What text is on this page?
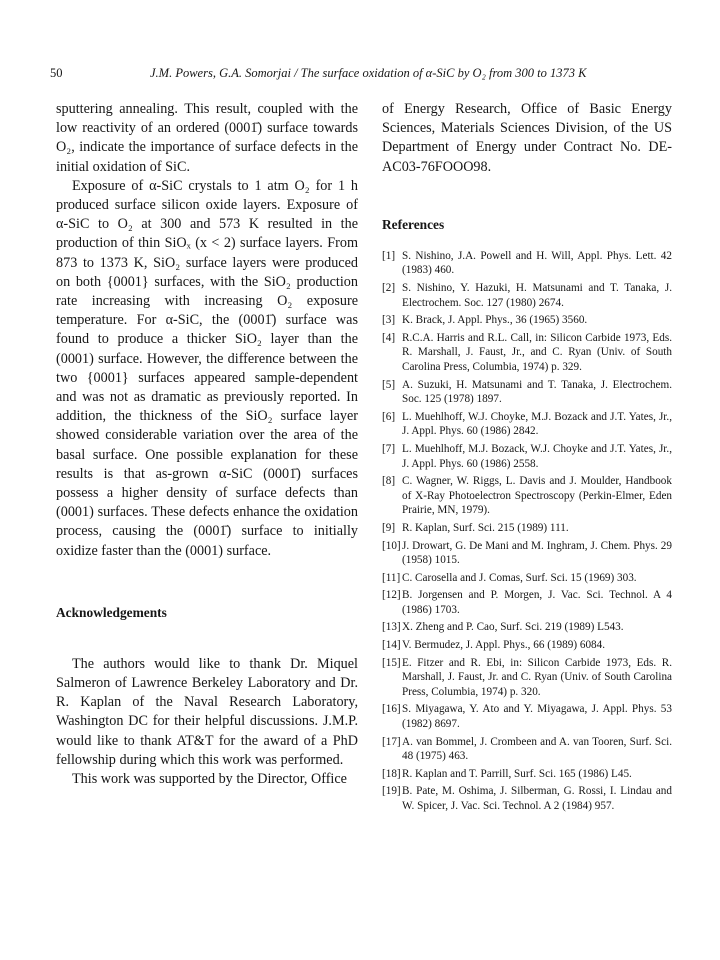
50	J.M. Powers, G.A. Somorjai / The surface oxidation of α-SiC by O₂ from 300 to 1373 K

sputtering annealing. This result, coupled with the low reactivity of an ordered (0001̄) surface towards O₂, indicate the importance of surface defects in the initial oxidation of SiC.

Exposure of α-SiC crystals to 1 atm O₂ for 1 h produced surface silicon oxide layers. Exposure of α-SiC to O₂ at 300 and 573 K resulted in the production of thin SiOₓ (x < 2) surface layers. From 873 to 1373 K, SiO₂ surface layers were produced on both {0001} surfaces, with the SiO₂ production rate increasing with increasing O₂ exposure temperature. For α-SiC, the (0001̄) surface was found to produce a thicker SiO₂ layer than the (0001) surface. However, the difference between the two {0001} surfaces appeared sample-dependent and was not as dramatic as previously reported. In addition, the thickness of the SiO₂ surface layer showed considerable variation over the area of the basal surface. One possible explanation for these results is that as-grown α-SiC (0001̄) surfaces possess a higher density of surface defects than (0001) surfaces. These defects enhance the oxidation process, causing the (0001̄) surface to initially oxidize faster than the (0001) surface.

Acknowledgements

The authors would like to thank Dr. Miquel Salmeron of Lawrence Berkeley Laboratory and Dr. R. Kaplan of the Naval Research Laboratory, Washington DC for their helpful discussions. J.M.P. would like to thank AT&T for the award of a PhD fellowship during which this work was performed.

This work was supported by the Director, Office

of Energy Research, Office of Basic Energy Sciences, Materials Sciences Division, of the US Department of Energy under Contract No. DE-AC03-76FOOO98.

References
[1] S. Nishino, J.A. Powell and H. Will, Appl. Phys. Lett. 42 (1983) 460.
[2] S. Nishino, Y. Hazuki, H. Matsunami and T. Tanaka, J. Electrochem. Soc. 127 (1980) 2674.
[3] K. Brack, J. Appl. Phys., 36 (1965) 3560.
[4] R.C.A. Harris and R.L. Call, in: Silicon Carbide 1973, Eds. R. Marshall, J. Faust, Jr., and C. Ryan (Univ. of South Carolina Press, Columbia, 1974) p. 329.
[5] A. Suzuki, H. Matsunami and T. Tanaka, J. Electrochem. Soc. 125 (1978) 1897.
[6] L. Muehlhoff, W.J. Choyke, M.J. Bozack and J.T. Yates, Jr., J. Appl. Phys. 60 (1986) 2842.
[7] L. Muehlhoff, M.J. Bozack, W.J. Choyke and J.T. Yates, Jr., J. Appl. Phys. 60 (1986) 2558.
[8] C. Wagner, W. Riggs, L. Davis and J. Moulder, Handbook of X-Ray Photoelectron Spectroscopy (Perkin-Elmer, Eden Prairie, MN, 1979).
[9] R. Kaplan, Surf. Sci. 215 (1989) 111.
[10] J. Drowart, G. De Mani and M. Inghram, J. Chem. Phys. 29 (1958) 1015.
[11] C. Carosella and J. Comas, Surf. Sci. 15 (1969) 303.
[12] B. Jorgensen and P. Morgen, J. Vac. Sci. Technol. A 4 (1986) 1703.
[13] X. Zheng and P. Cao, Surf. Sci. 219 (1989) L543.
[14] V. Bermudez, J. Appl. Phys., 66 (1989) 6084.
[15] E. Fitzer and R. Ebi, in: Silicon Carbide 1973, Eds. R. Marshall, J. Faust, Jr. and C. Ryan (Univ. of South Carolina Press, Columbia, 1974) p. 320.
[16] S. Miyagawa, Y. Ato and Y. Miyagawa, J. Appl. Phys. 53 (1982) 8697.
[17] A. van Bommel, J. Crombeen and A. van Tooren, Surf. Sci. 48 (1975) 463.
[18] R. Kaplan and T. Parrill, Surf. Sci. 165 (1986) L45.
[19] B. Pate, M. Oshima, J. Silberman, G. Rossi, I. Lindau and W. Spicer, J. Vac. Sci. Technol. A 2 (1984) 957.
